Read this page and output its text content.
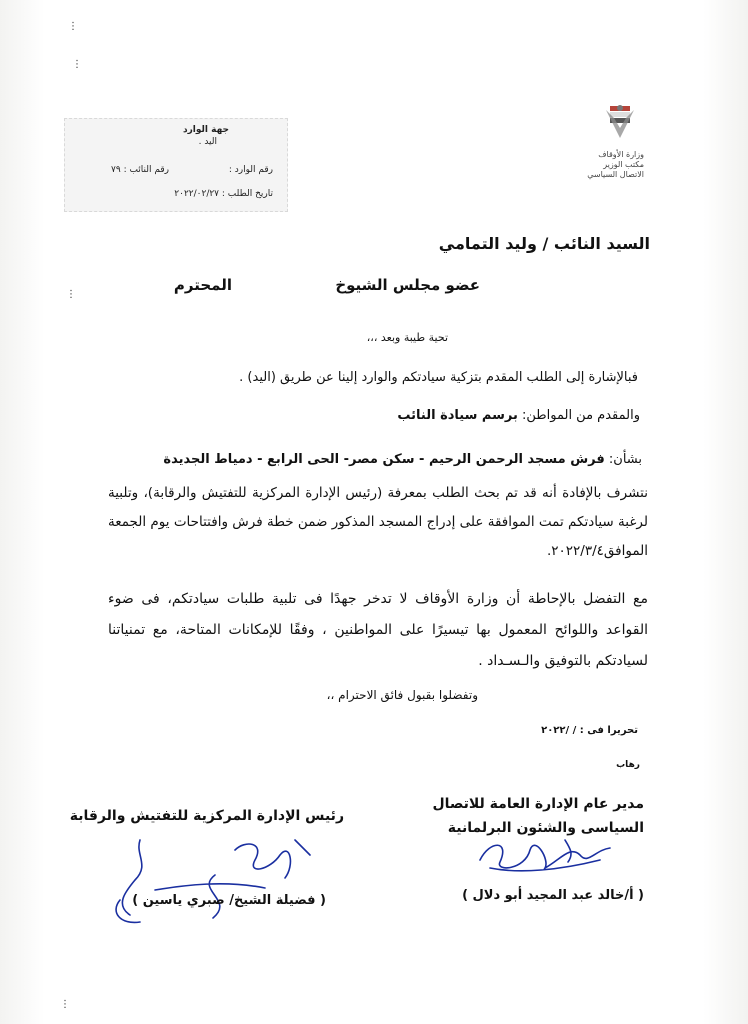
⋮
⋮
⋮
⋮
جهة الوارد
اليد .
رقم الوارد :
رقم النائب : ٧٩
تاريخ الطلب : ٢٠٢٢/٠٢/٢٧
وزارة الأوقاف
مكتب الوزير
الاتصال السياسي
السيد النائب / وليد التمامي
عضو مجلس الشيوخ
المحترم
تحية طيبة وبعد ،،،
فبالإشارة إلى الطلب المقدم بتزكية سيادتكم والوارد إلينا عن طريق (اليد) .
والمقدم من المواطن: برسم سيادة النائب
بشأن: فرش مسجد الرحمن الرحيم - سكن مصر- الحى الرابع - دمياط الجديدة
نتشرف بالإفادة أنه قد تم بحث الطلب بمعرفة (رئيس الإدارة المركزية للتفتيش والرقابة)، وتلبية لرغبة سيادتكم تمت الموافقة على إدراج المسجد المذكور ضمن خطة فرش وافتتاحات يوم الجمعة الموافق٢٠٢٢/٣/٤.
مع التفضل بالإحاطة أن وزارة الأوقاف لا تدخر جهدًا فى تلبية طلبات سيادتكم، فى ضوء القواعد واللوائح المعمول بها تيسيرًا على المواطنين ، وفقًا للإمكانات المتاحة، مع تمنياتنا لسيادتكم بالتوفيق والـسـداد .
وتفضلوا بقبول فائق الاحترام ،،
تحريرا فى : / /٢٠٢٢
رهاب
مدير عام الإدارة العامة للاتصال
السياسى والشئون البرلمانية
( أ/خالد عبد المجيد أبو دلال )
رئيس الإدارة المركزية للتفتيش والرقابة
( فضيلة الشيخ/ صبري ياسين )
